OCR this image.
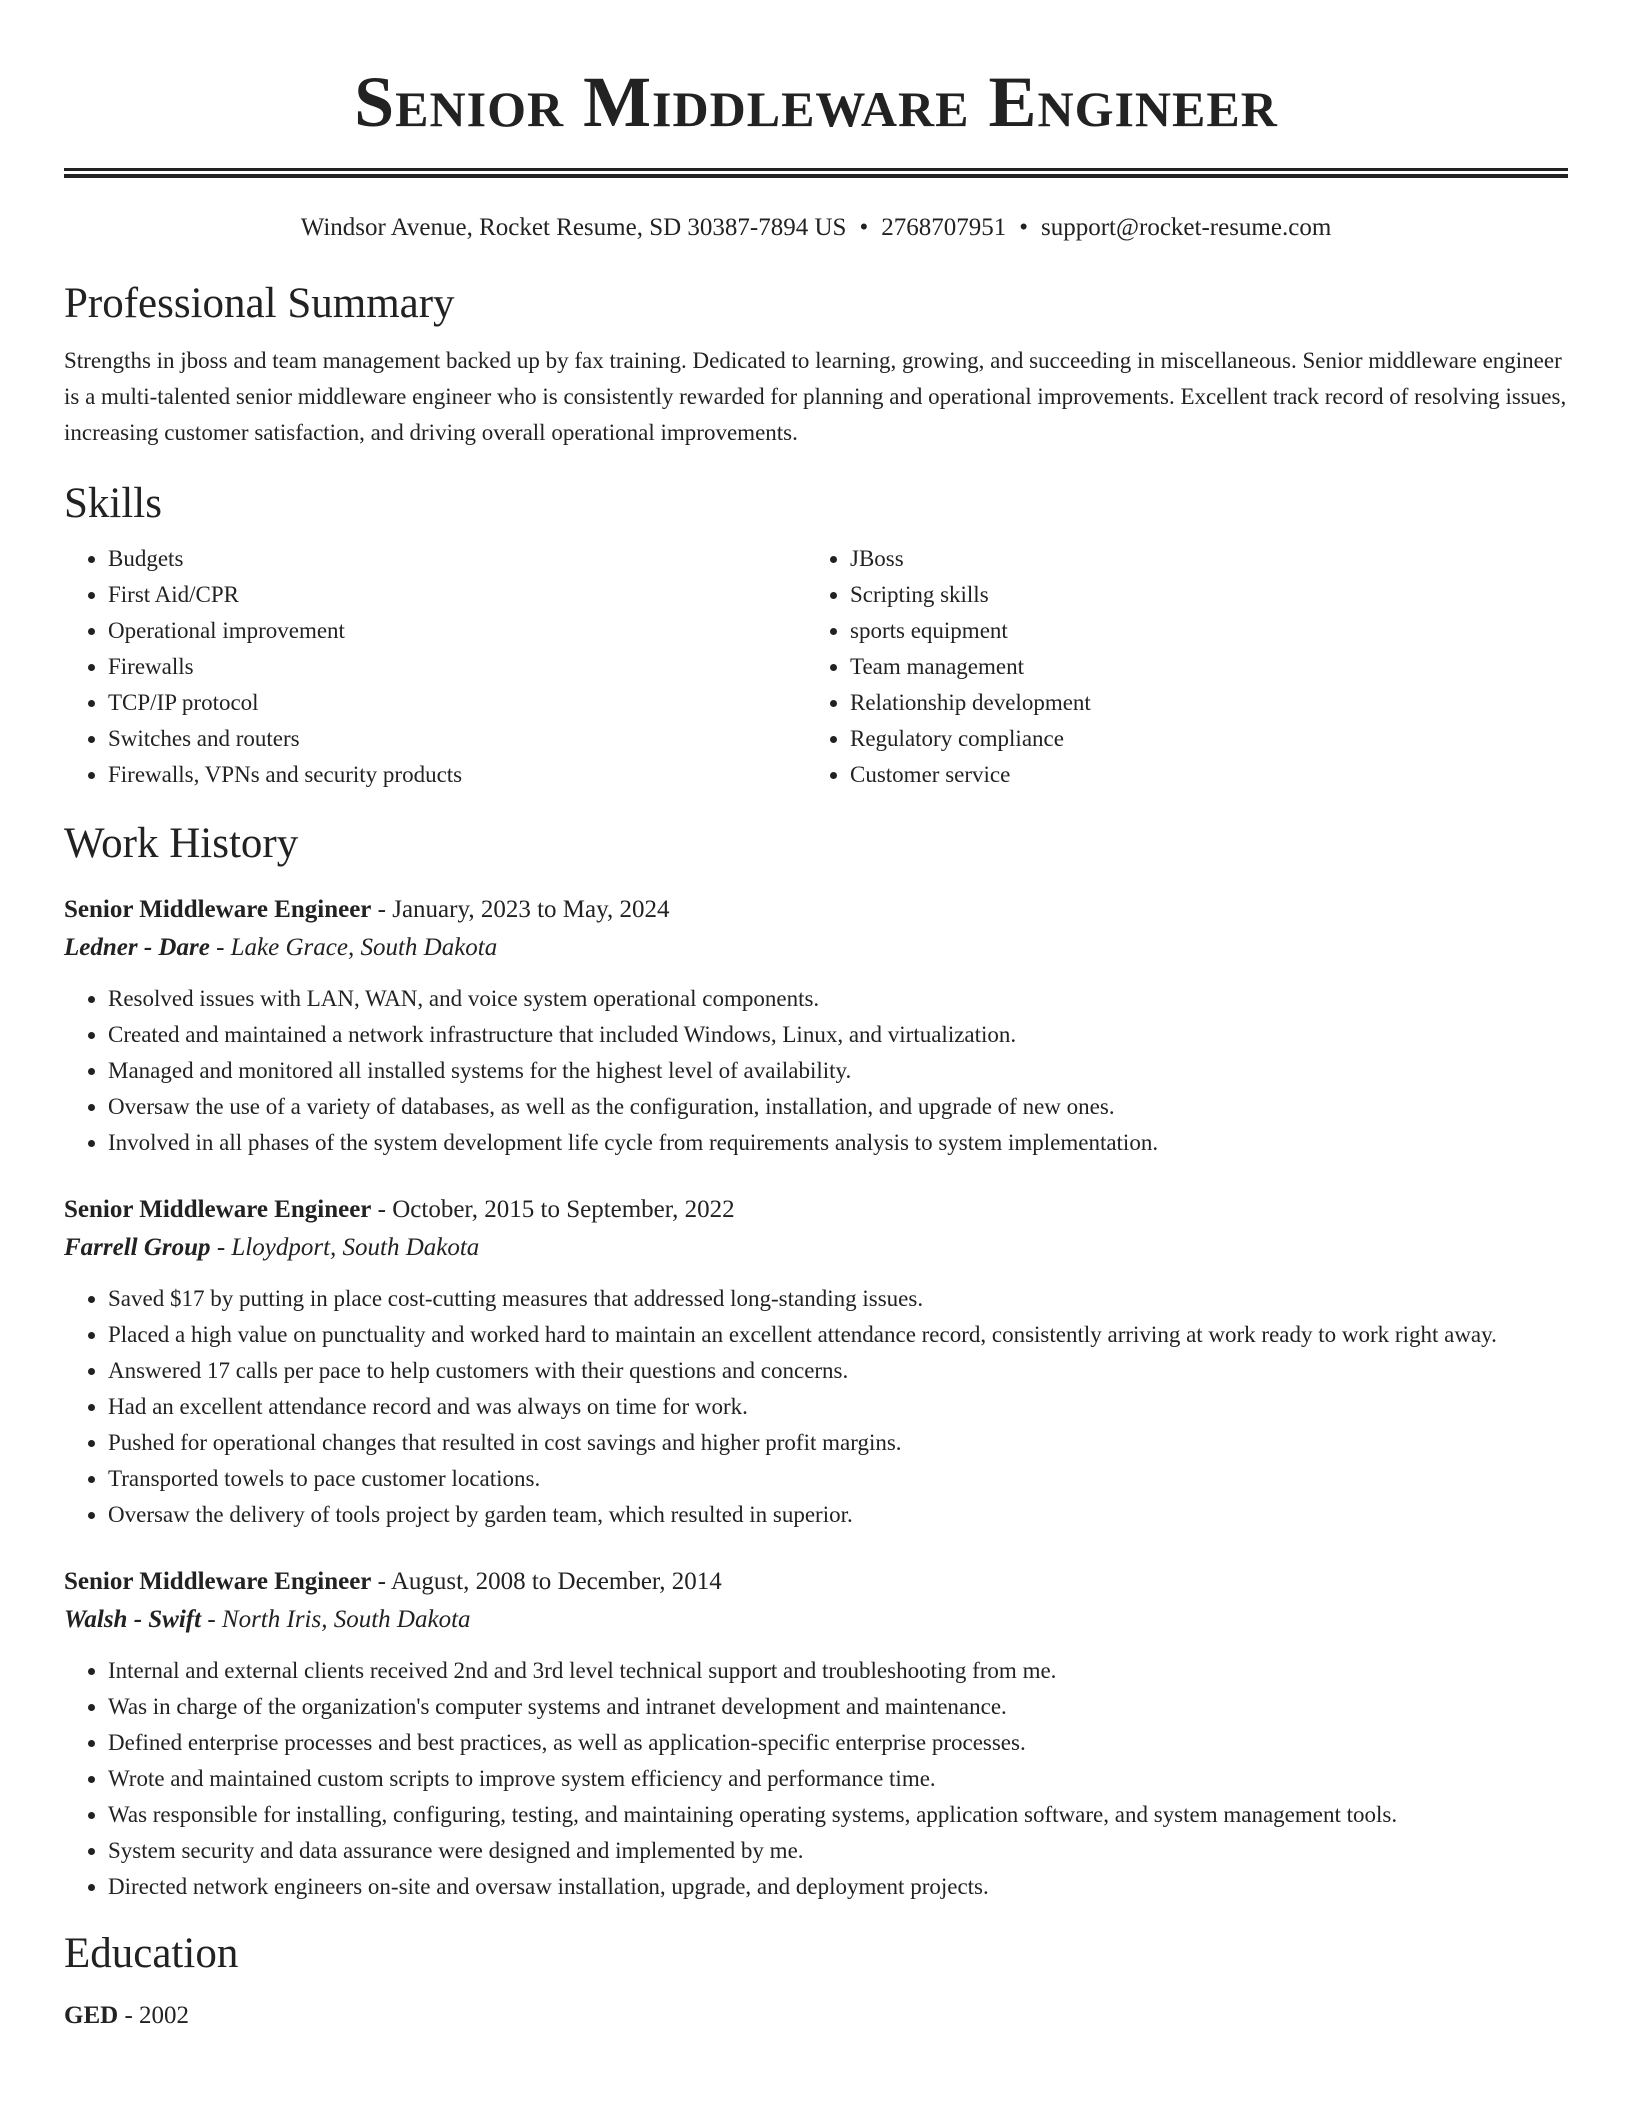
Senior Middleware Engineer
Windsor Avenue, Rocket Resume, SD 30387-7894 US • 2768707951 • support@rocket-resume.com
Professional Summary

Strengths in jboss and team management backed up by fax training. Dedicated to learning, growing, and succeeding in miscellaneous. Senior middleware engineer is a multi-talented senior middleware engineer who is consistently rewarded for planning and operational improvements. Excellent track record of resolving issues, increasing customer satisfaction, and driving overall operational improvements.

Skills
• Budgets
• First Aid/CPR
• Operational improvement
• Firewalls
• TCP/IP protocol
• Switches and routers
• Firewalls, VPNs and security products
• JBoss
• Scripting skills
• sports equipment
• Team management
• Relationship development
• Regulatory compliance
• Customer service
Work History
Senior Middleware Engineer - January, 2023 to May, 2024
Ledner - Dare - Lake Grace, South Dakota
• Resolved issues with LAN, WAN, and voice system operational components.
• Created and maintained a network infrastructure that included Windows, Linux, and virtualization.
• Managed and monitored all installed systems for the highest level of availability.
• Oversaw the use of a variety of databases, as well as the configuration, installation, and upgrade of new ones.
• Involved in all phases of the system development life cycle from requirements analysis to system implementation.
Senior Middleware Engineer - October, 2015 to September, 2022
Farrell Group - Lloydport, South Dakota
• Saved $17 by putting in place cost-cutting measures that addressed long-standing issues.
• Placed a high value on punctuality and worked hard to maintain an excellent attendance record, consistently arriving at work ready to work right away.
• Answered 17 calls per pace to help customers with their questions and concerns.
• Had an excellent attendance record and was always on time for work.
• Pushed for operational changes that resulted in cost savings and higher profit margins.
• Transported towels to pace customer locations.
• Oversaw the delivery of tools project by garden team, which resulted in superior.
Senior Middleware Engineer - August, 2008 to December, 2014
Walsh - Swift - North Iris, South Dakota
• Internal and external clients received 2nd and 3rd level technical support and troubleshooting from me.
• Was in charge of the organization's computer systems and intranet development and maintenance.
• Defined enterprise processes and best practices, as well as application-specific enterprise processes.
• Wrote and maintained custom scripts to improve system efficiency and performance time.
• Was responsible for installing, configuring, testing, and maintaining operating systems, application software, and system management tools.
• System security and data assurance were designed and implemented by me.
• Directed network engineers on-site and oversaw installation, upgrade, and deployment projects.
Education
GED - 2002
